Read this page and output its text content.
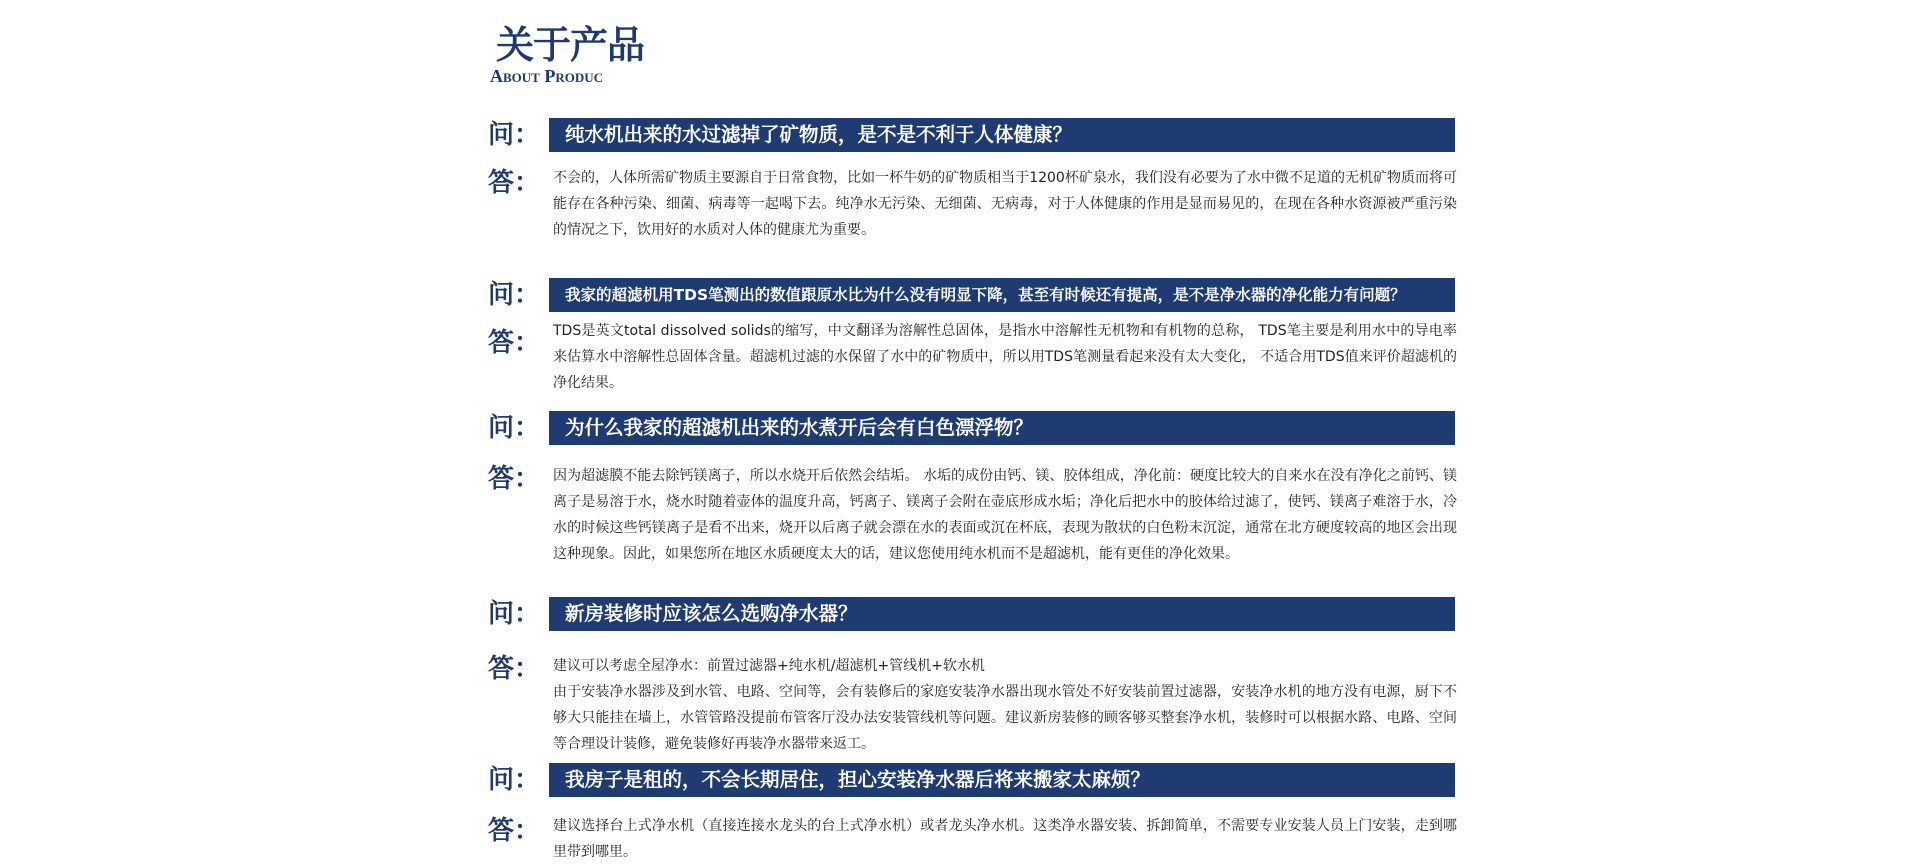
关于产品
About Produc
问：	纯水机出来的水过滤掉了矿物质，是不是不利于人体健康？
答： 不会的，人体所需矿物质主要源自于日常食物，比如一杯牛奶的矿物质相当于1200杯矿泉水，我们没有必要为了水中微不足道的无机矿物质而将可能存在各种污染、细菌、病毒等一起喝下去。纯净水无污染、无细菌、无病毒，对于人体健康的作用是显而易见的，在现在各种水资源被严重污染的情况之下，饮用好的水质对人体的健康尤为重要。

问：	我家的超滤机用TDS笔测出的数值跟原水比为什么没有明显下降，甚至有时候还有提高，是不是净水器的净化能力有问题？
答： TDS是英文total dissolved solids的缩写，中文翻译为溶解性总固体，是指水中溶解性无机物和有机物的总称， TDS笔主要是利用水中的导电率来估算水中溶解性总固体含量。超滤机过滤的水保留了水中的矿物质中，所以用TDS笔测量看起来没有太大变化， 不适合用TDS值来评价超滤机的净化结果。

问：	为什么我家的超滤机出来的水煮开后会有白色漂浮物？
答： 因为超滤膜不能去除钙镁离子，所以水烧开后依然会结垢。 水垢的成份由钙、镁、胶体组成，净化前：硬度比较大的自来水在没有净化之前钙、镁离子是易溶于水，烧水时随着壶体的温度升高，钙离子、镁离子会附在壶底形成水垢；净化后把水中的胶体给过滤了，使钙、镁离子难溶于水，冷水的时候这些钙镁离子是看不出来，烧开以后离子就会漂在水的表面或沉在杯底，表现为散状的白色粉末沉淀，通常在北方硬度较高的地区会出现这种现象。因此，如果您所在地区水质硬度太大的话，建议您使用纯水机而不是超滤机，能有更佳的净化效果。

问：	新房装修时应该怎么选购净水器？
答： 建议可以考虑全屋净水：前置过滤器+纯水机/超滤机+管线机+软水机

由于安装净水器涉及到水管、电路、空间等，会有装修后的家庭安装净水器出现水管处不好安装前置过滤器，安装净水机的地方没有电源，厨下不够大只能挂在墙上，水管管路没提前布管客厅没办法安装管线机等问题。建议新房装修的顾客够买整套净水机，装修时可以根据水路、电路、空间等合理设计装修，避免装修好再装净水器带来返工。

问：	我房子是租的，不会长期居住，担心安装净水器后将来搬家太麻烦？
答： 建议选择台上式净水机（直接连接水龙头的台上式净水机）或者龙头净水机。这类净水器安装、拆卸简单，不需要专业安装人员上门安装，走到哪里带到哪里。
